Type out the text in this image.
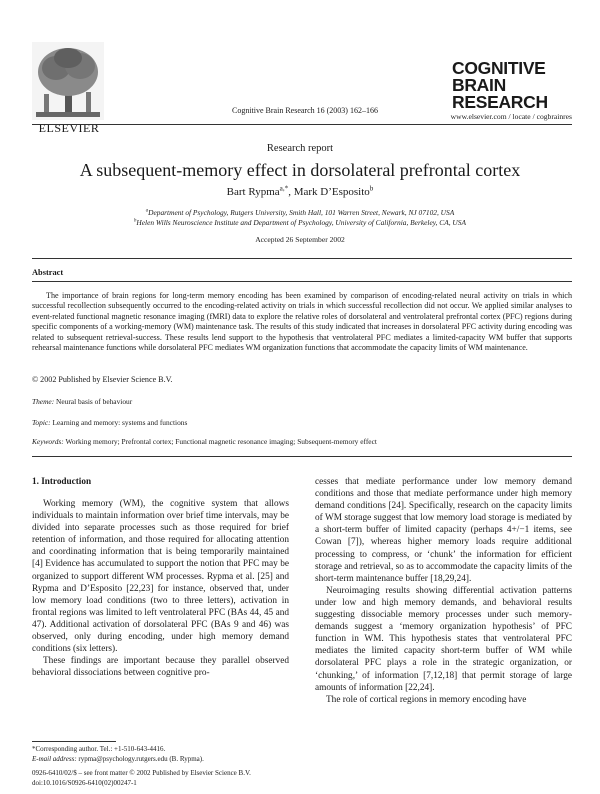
ELSEVIER
Cognitive Brain Research 16 (2003) 162–166
COGNITIVE
BRAIN
RESEARCH
www.elsevier.com / locate / cogbrainres
Research report
A subsequent-memory effect in dorsolateral prefrontal cortex
Bart Rypma$^{a,*}$, Mark D’Esposito$^b$
$^a$Department of Psychology, Rutgers University, Smith Hall, 101 Warren Street, Newark, NJ 07102, USA
$^b$Helen Wills Neuroscience Institute and Department of Psychology, University of California, Berkeley, CA, USA
Accepted 26 September 2002
Abstract
The importance of brain regions for long-term memory encoding has been examined by comparison of encoding-related neural activity on trials in which successful recollection subsequently occurred to the encoding-related activity on trials in which successful recollection did not occur. We applied similar analyses to event-related functional magnetic resonance imaging (fMRI) data to explore the relative roles of dorsolateral and ventrolateral prefrontal cortex (PFC) regions during specific components of a working-memory (WM) maintenance task. The results of this study indicated that increases in dorsolateral PFC activity during encoding was related to subsequent retrieval-success. These results lend support to the hypothesis that ventrolateral PFC mediates a limited-capacity WM buffer that supports rehearsal maintenance functions while dorsolateral PFC mediates WM organization functions that accommodate the capacity limits of WM maintenance.
© 2002 Published by Elsevier Science B.V.
Theme: Neural basis of behaviour
Topic: Learning and memory: systems and functions
Keywords: Working memory; Prefrontal cortex; Functional magnetic resonance imaging; Subsequent-memory effect
1. Introduction

Working memory (WM), the cognitive system that allows individuals to maintain information over brief time intervals, may be divided into separate processes such as those required for brief retention of information, and those required for allocating attention and coordinating information that is being temporarily maintained [4] Evidence has accumulated to support the notion that PFC may be organized to support different WM processes. Rypma et al. [25] and Rypma and D’Esposito [22,23] for instance, observed that, under low memory load conditions (two to three letters), activation in frontal regions was limited to left ventrolateral PFC (BAs 44, 45 and 47). Additional activation of dorsolateral PFC (BAs 9 and 46) was observed, only during encoding, under high memory demand conditions (six letters).

These findings are important because they parallel observed behavioral dissociations between cognitive pro-

cesses that mediate performance under low memory demand conditions and those that mediate performance under high memory demand conditions [24]. Specifically, research on the capacity limits of WM storage suggest that low memory load storage is mediated by a short-term buffer of limited capacity (perhaps 4+/−1 items, see Cowan [7]), whereas higher memory loads require additional processing to compress, or ‘chunk’ the information for efficient storage and retrieval, so as to accommodate the capacity limits of the short-term maintenance buffer [18,29,24].

Neuroimaging results showing differential activation patterns under low and high memory demands, and behavioral results suggesting dissociable memory processes under such memory-demands suggest a ‘memory organization hypothesis’ of PFC function in WM. This hypothesis states that ventrolateral PFC mediates the limited capacity short-term buffer of WM while dorsolateral PFC plays a role in the strategic organization, or ‘chunking,’ of information [7,12,18] that permit storage of large amounts of information [22,24].

The role of cortical regions in memory encoding have

*Corresponding author. Tel.: +1-510-643-4416.
E-mail address: rypma@psychology.rutgers.edu (B. Rypma).
0926-6410/02/$ – see front matter © 2002 Published by Elsevier Science B.V.
doi:10.1016/S0926-6410(02)00247-1
